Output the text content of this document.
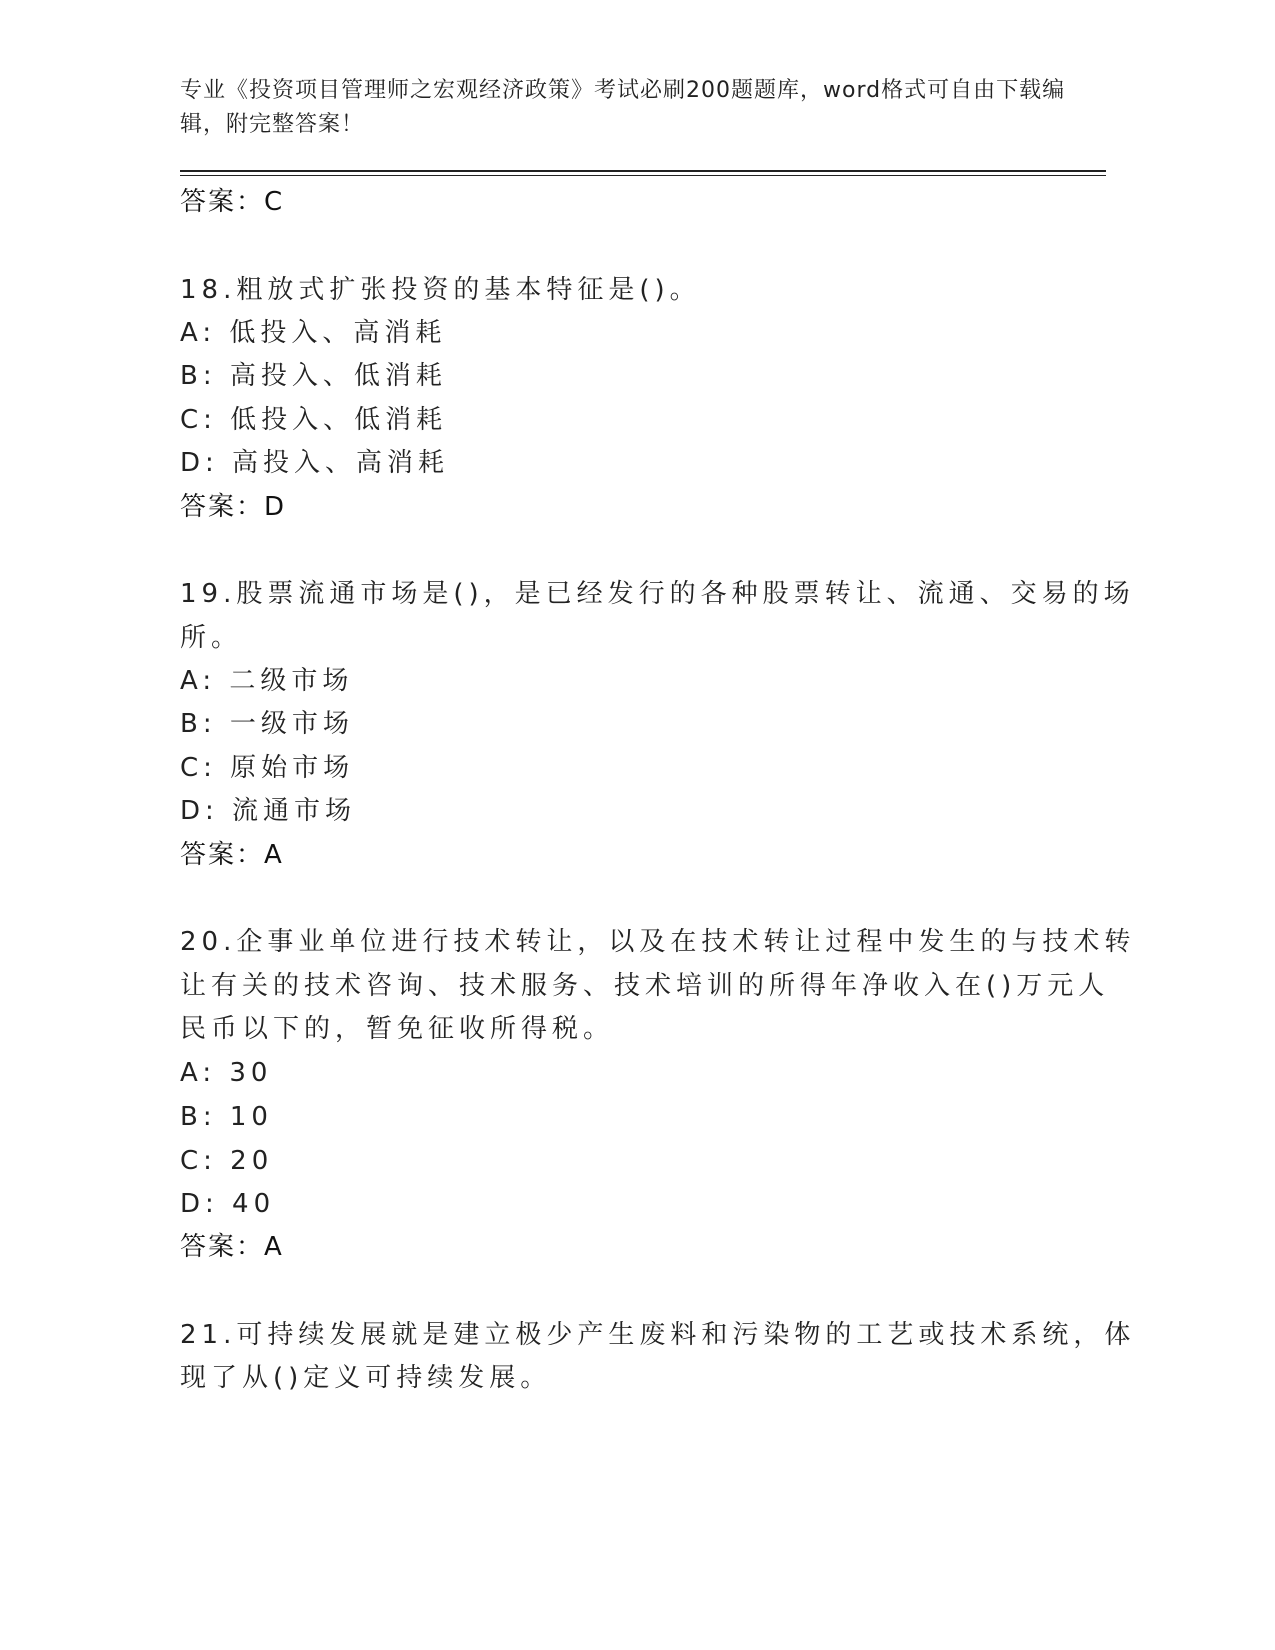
专业《投资项目管理师之宏观经济政策》考试必刷200题题库，word格式可自由下载编辑，附完整答案！
答案：C
18.粗放式扩张投资的基本特征是()。
A: 低投入、高消耗
B: 高投入、低消耗
C: 低投入、低消耗
D: 高投入、高消耗
答案：D
19.股票流通市场是()，是已经发行的各种股票转让、流通、交易的场
所。
A: 二级市场
B: 一级市场
C: 原始市场
D: 流通市场
答案：A
20.企事业单位进行技术转让，以及在技术转让过程中发生的与技术转
让有关的技术咨询、技术服务、技术培训的所得年净收入在()万元人
民币以下的，暂免征收所得税。
A: 30
B: 10
C: 20
D: 40
答案：A
21.可持续发展就是建立极少产生废料和污染物的工艺或技术系统，体
现了从()定义可持续发展。
